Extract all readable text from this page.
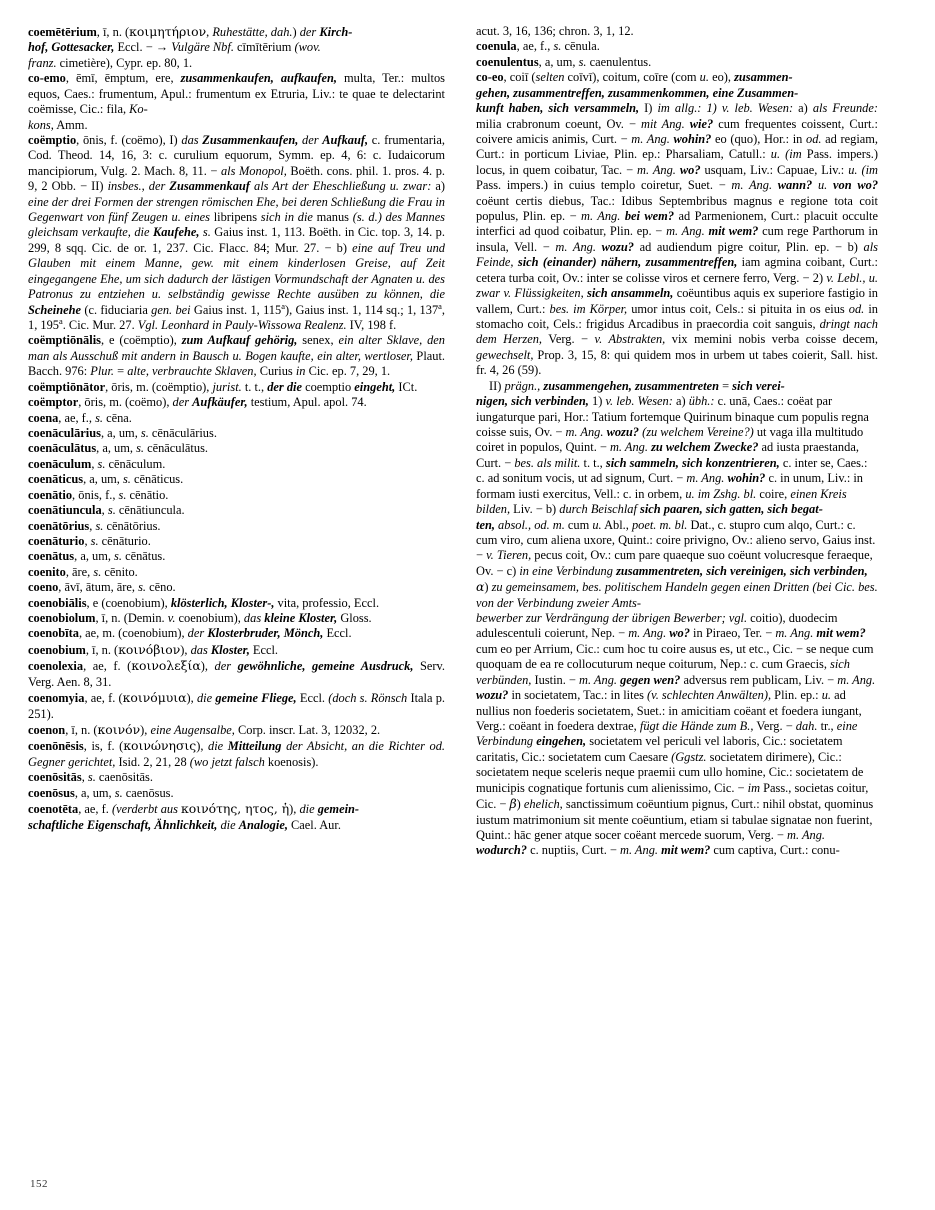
coemētērium, ī, n. (κοιμητήριον, Ruhestätte, dah.) der Kirch-
hof, Gottesacker, Eccl. − → Vulgäre Nbf. cīmītērium (wov.
franz. cimetière), Cypr. ep. 80, 1.
co-emo, ēmī, ēmptum, ere, zusammenkaufen, aufkaufen, multa, Ter.: multos equos, Caes.: frumentum, Apul.: frumentum ex Etruria, Liv.: te quae te delectarint coëmisse, Cic.: fila, Ko-
kons, Amm.
coëmptio, ōnis, f. (coëmo), I) das Zusammenkaufen, der Aufkauf, c. frumentaria, Cod. Theod. 14, 16, 3: c. curulium equorum, Symm. ep. 4, 6: c. Iudaicorum mancipiorum, Vulg. 2. Mach. 8, 11. − als Monopol, Boëth. cons. phil. 1. pros. 4. p. 9, 2 Obb. − II) insbes., der Zusammenkauf als Art der Eheschließung u. zwar: a) eine der drei Formen der strengen römischen Ehe, bei deren Schließung die Frau in Gegenwart von fünf Zeugen u. eines libripens sich in die manus (s. d.) des Mannes gleichsam verkaufte, die Kaufehe, s. Gaius inst. 1, 113. Boëth. in Cic. top. 3, 14. p. 299, 8 sqq. Cic. de or. 1, 237. Cic. Flacc. 84; Mur. 27. − b) eine auf Treu und Glauben mit einem Manne, gew. mit einem kinderlosen Greise, auf Zeit eingegangene Ehe, um sich dadurch der lästigen Vormundschaft der Agnaten u. des Patronus zu entziehen u. selbständig gewisse Rechte ausüben zu können, die Scheinehe (c. fiduciaria gen. bei Gaius inst. 1, 115$^a$), Gaius inst. 1, 114 sq.; 1, 137$^a$, 1, 195$^a$. Cic. Mur. 27. Vgl. Leonhard in Pauly-Wissowa Realenz. IV, 198 f.
coëmptiōnālis, e (coëmptio), zum Aufkauf gehörig, senex, ein alter Sklave, den man als Ausschuß mit andern in Bausch u. Bogen kaufte, ein alter, wertloser, Plaut. Bacch. 976: Plur. = alte, verbrauchte Sklaven, Curius in Cic. ep. 7, 29, 1.
coëmptiōnātor, ōris, m. (coëmptio), jurist. t. t., der die coemptio eingeht, ICt.
coëmptor, ōris, m. (coëmo), der Aufkäufer, testium, Apul. apol. 74.
coena, ae, f., s. cēna.
coenāculārius, a, um, s. cēnāculārius.
coenāculātus, a, um, s. cēnāculātus.
coenāculum, s. cēnāculum.
coenāticus, a, um, s. cēnāticus.
coenātio, ōnis, f., s. cēnātio.
coenātiuncula, s. cēnātiuncula.
coenātōrius, s. cēnātōrius.
coenāturio, s. cēnāturio.
coenātus, a, um, s. cēnātus.
coenito, āre, s. cēnito.
coeno, āvī, ātum, āre, s. cēno.
coenobiālis, e (coenobium), klösterlich, Kloster-, vita, professio, Eccl.
coenobiolum, ī, n. (Demin. v. coenobium), das kleine Kloster, Gloss.
coenobīta, ae, m. (coenobium), der Klosterbruder, Mönch, Eccl.
coenobium, ī, n. (κοινόβιον), das Kloster, Eccl.
coenolexia, ae, f. (κοινολεξία), der gewöhnliche, gemeine Ausdruck, Serv. Verg. Aen. 8, 31.
coenomyia, ae, f. (κοινόμυια), die gemeine Fliege, Eccl. (doch s. Rönsch Itala p. 251).
coenon, ī, n. (κοινόν), eine Augensalbe, Corp. inscr. Lat. 3, 12032, 2.
coenōnēsis, is, f. (κοινώνησις), die Mitteilung der Absicht, an die Richter od. Gegner gerichtet, Isid. 2, 21, 28 (wo jetzt falsch koenosis).
coenōsitās, s. caenōsitās.
coenōsus, a, um, s. caenōsus.
coenotēta, ae, f. (verderbt aus κοινότης, ητος, ἡ), die gemein-
schaftliche Eigenschaft, Ähnlichkeit, die Analogie, Cael. Aur.
acut. 3, 16, 136; chron. 3, 1, 12.
coenula, ae, f., s. cēnula.
coenulentus, a, um, s. caenulentus.
co-eo, coiī (selten coīvī), coitum, coīre (com u. eo), zusammen-
gehen, zusammentreffen, zusammenkommen, eine Zusammen-
kunft haben, sich versammeln, I) im allg.: 1) v. leb. Wesen: a) als Freunde: milia crabronum coeunt, Ov. − mit Ang. wie? cum frequentes coissent, Curt.: coivere amicis animis, Curt. − m. Ang. wohin? eo (quo), Hor.: in od. ad regiam, Curt.: in porticum Liviae, Plin. ep.: Pharsaliam, Catull.: u. (im Pass. impers.) locus, in quem coibatur, Tac. − m. Ang. wo? usquam, Liv.: Capuae, Liv.: u. (im Pass. impers.) in cuius templo coiretur, Suet. − m. Ang. wann? u. von wo? coëunt certis diebus, Tac.: Idibus Septembribus magnus e regione tota coit populus, Plin. ep. − m. Ang. bei wem? ad Parmenionem, Curt.: placuit occulte interfici ad quod coibatur, Plin. ep. − m. Ang. mit wem? cum rege Parthorum in insula, Vell. − m. Ang. wozu? ad audiendum pigre coitur, Plin. ep. − b) als Feinde, sich (einander) nähern, zusammentreffen, iam agmina coibant, Curt.: cetera turba coit, Ov.: inter se colisse viros et cernere ferro, Verg. − 2) v. Lebl., u. zwar v. Flüssigkeiten, sich ansammeln, coëuntibus aquis ex superiore fastigio in vallem, Curt.: bes. im Körper, umor intus coit, Cels.: si pituita in os eius od. in stomacho coit, Cels.: frigidus Arcadibus in praecordia coit sanguis, dringt nach dem Herzen, Verg. − v. Abstrakten, vix memini nobis verba coisse decem, gewechselt, Prop. 3, 15, 8: qui quidem mos in urbem ut tabes coierit, Sall. hist. fr. 4, 26 (59).
II) prägn., zusammengehen, zusammentreten = sich verei-
nigen, sich verbinden, 1) v. leb. Wesen: a) übh.: c. unā, Caes.: coëat par iungaturque pari, Hor.: Tatium fortemque Quirinum binaque cum populis regna coisse suis, Ov. − m. Ang. wozu? (zu welchem Vereine?) ut vaga illa multitudo coiret in populos, Quint. − m. Ang. zu welchem Zwecke? ad iusta praestanda, Curt. − bes. als milit. t. t., sich sammeln, sich konzentrieren, c. inter se, Caes.: c. ad sonitum vocis, ut ad signum, Curt. − m. Ang. wohin? c. in unum, Liv.: in formam iusti exercitus, Vell.: c. in orbem, u. im Zshg. bl. coire, einen Kreis bilden, Liv. − b) durch Beischlaf sich paaren, sich gatten, sich begat-
ten, absol., od. m. cum u. Abl., poet. m. bl. Dat., c. stupro cum alqo, Curt.: c. cum viro, cum aliena uxore, Quint.: coire privigno, Ov.: alieno servo, Gaius inst. − v. Tieren, pecus coit, Ov.: cum pare quaeque suo coëunt volucresque feraeque, Ov. − c) in eine Verbindung zusammentreten, sich vereinigen, sich verbinden, α) zu gemeinsamem, bes. politischem Handeln gegen einen Dritten (bei Cic. bes. von der Verbindung zweier Amts-
bewerber zur Verdrängung der übrigen Bewerber; vgl. coitio), duodecim adulescentuli coierunt, Nep. − m. Ang. wo? in Piraeo, Ter. − m. Ang. mit wem? cum eo per Arrium, Cic.: cum hoc tu coire ausus es, ut etc., Cic. − se neque cum quoquam de ea re collocuturum neque coiturum, Nep.: c. cum Graecis, sich verbünden, Iustin. − m. Ang. gegen wen? adversus rem publicam, Liv. − m. Ang. wozu? in societatem, Tac.: in lites (v. schlechten Anwälten), Plin. ep.: u. ad nullius non foederis societatem, Suet.: in amicitiam coëant et foedera iungant, Verg.: coëant in foedera dextrae, fügt die Hände zum B., Verg. − dah. tr., eine Verbindung eingehen, societatem vel periculi vel laboris, Cic.: societatem caritatis, Cic.: societatem cum Caesare (Ggstz. societatem dirimere), Cic.: societatem neque sceleris neque praemii cum ullo homine, Cic.: societatem de municipis cognatique fortunis cum alienissimo, Cic. − im Pass., societas coitur, Cic. − β) ehelich, sanctissimum coëuntium pignus, Curt.: nihil obstat, quominus iustum matrimonium sit mente coëuntium, etiam si tabulae signatae non fuerint, Quint.: hāc gener atque socer coëant mercede suorum, Verg. − m. Ang. wodurch? c. nuptiis, Curt. − m. Ang. mit wem? cum captiva, Curt.: conu-
152
